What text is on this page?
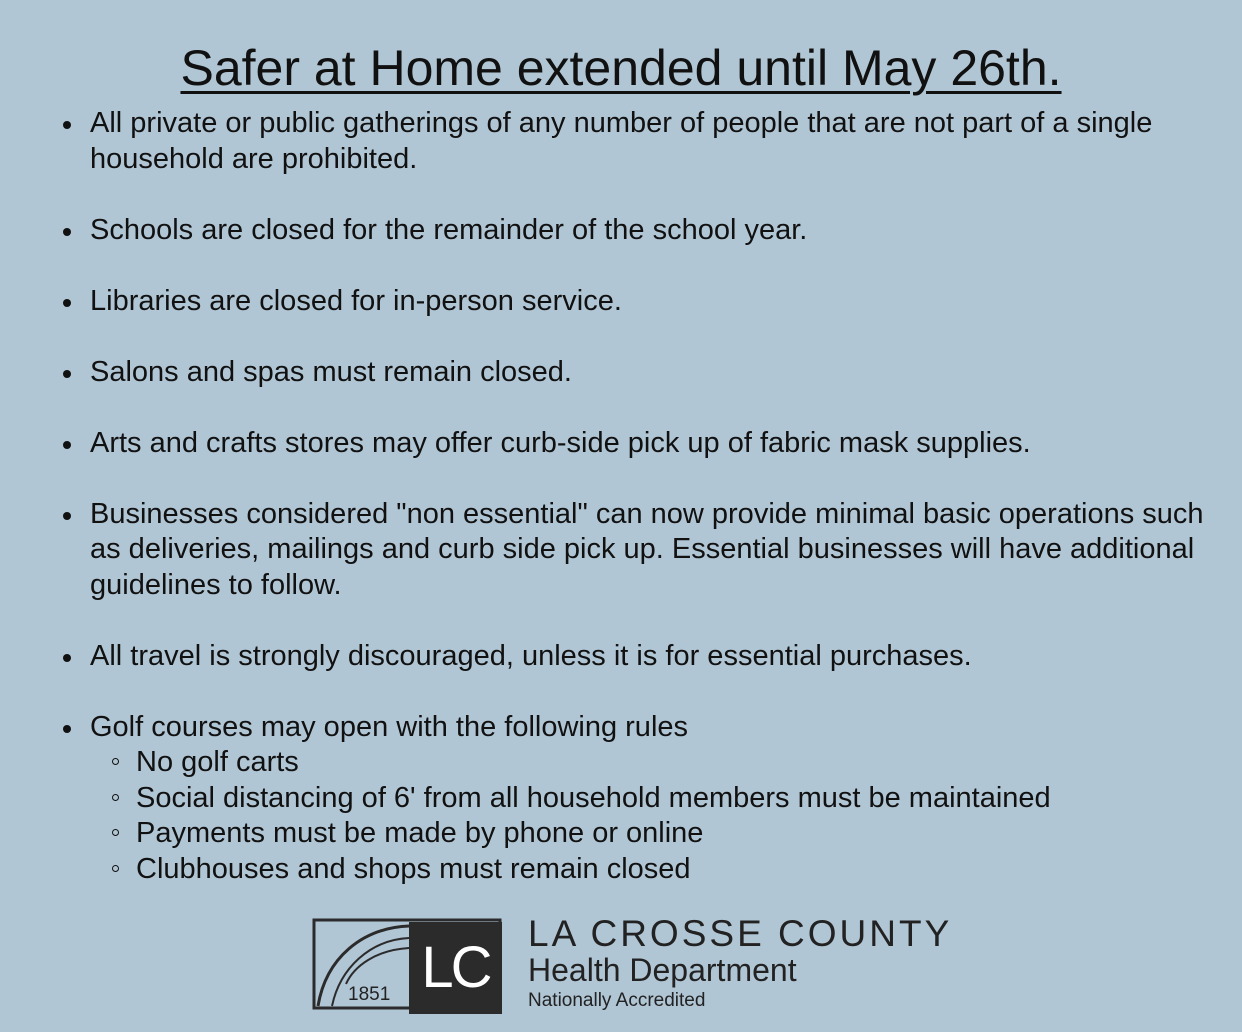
Safer at Home extended until May 26th.
All private or public gatherings of any number of people that are not part of a single household are prohibited.
Schools are closed for the remainder of the school year.
Libraries are closed for in-person service.
Salons and spas must remain closed.
Arts and crafts stores may offer curb-side pick up of fabric mask supplies.
Businesses considered "non essential" can now provide minimal basic operations such as deliveries, mailings and curb side pick up. Essential businesses will have additional guidelines to follow.
All travel is strongly discouraged, unless it is for essential purchases.
Golf courses may open with the following rules
No golf carts
Social distancing of 6' from all household members must be maintained
Payments must be made by phone or online
Clubhouses and shops must remain closed
1851 LC
LA CROSSE COUNTY
Health Department
Nationally Accredited
